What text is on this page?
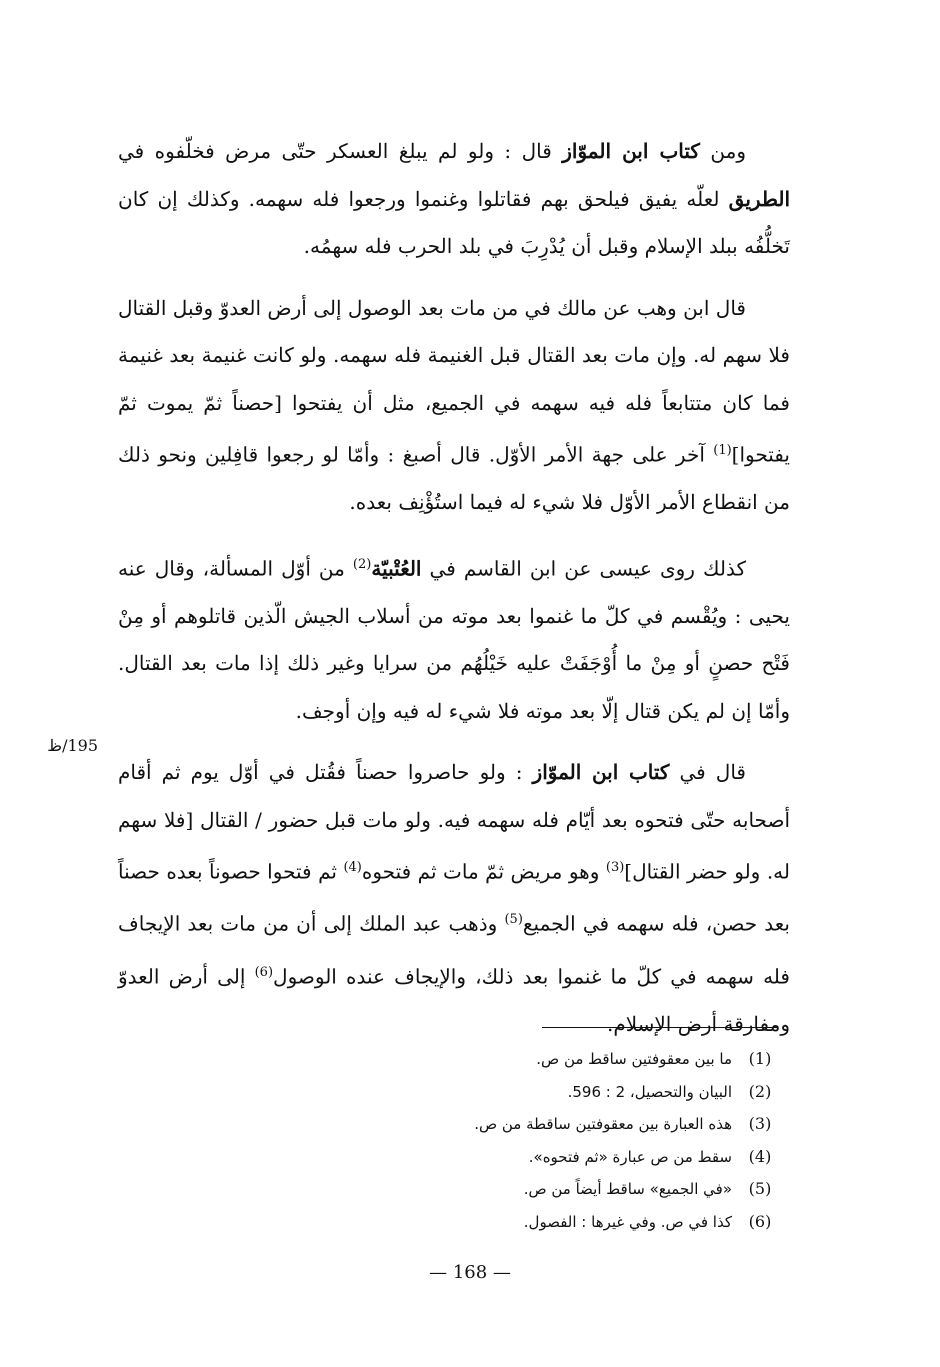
ومن كتاب ابن الموّاز قال : ولو لم يبلغ العسكر حتّى مرض فخلّفوه في الطريق لعلّه يفيق فيلحق بهم فقاتلوا وغنموا ورجعوا فله سهمه. وكذلك إن كان تَخلُّفُه ببلد الإسلام وقبل أن يُدْرِبَ في بلد الحرب فله سهمُه.

قال ابن وهب عن مالك في من مات بعد الوصول إلى أرض العدوّ وقبل القتال فلا سهم له. وإن مات بعد القتال قبل الغنيمة فله سهمه. ولو كانت غنيمة بعد غنيمة فما كان متتابعاً فله فيه سهمه في الجميع، مثل أن يفتحوا [حصناً ثمّ يموت ثمّ يفتحوا]$^{(1)}$ آخر على جهة الأمر الأوّل. قال أصبغ : وأمّا لو رجعوا قافِلين ونحو ذلك من انقطاع الأمر الأوّل فلا شيء له فيما استُؤْنِف بعده.

كذلك روى عيسى عن ابن القاسم في العُتْبيّة$^{(2)}$ من أوّل المسألة، وقال عنه يحيى : ويُقْسم في كلّ ما غنموا بعد موته من أسلاب الجيش الّذين قاتلوهم أو مِنْ فَتْح حصنٍ أو مِنْ ما أُوْجَفَتْ عليه خَيْلُهُم من سرايا وغير ذلك إذا مات بعد القتال. وأمّا إن لم يكن قتال إلّا بعد موته فلا شيء له فيه وإن أوجف.

قال في كتاب ابن الموّاز : ولو حاصروا حصناً فقُتل في أوّل يوم ثم أقام أصحابه حتّى فتحوه بعد أيّام فله سهمه فيه. ولو مات قبل حضور / القتال [فلا سهم له. ولو حضر القتال]$^{(3)}$ وهو مريض ثمّ مات ثم فتحوه$^{(4)}$ ثم فتحوا حصوناً بعده حصناً بعد حصن، فله سهمه في الجميع$^{(5)}$ وذهب عبد الملك إلى أن من مات بعد الإيجاف فله سهمه في كلّ ما غنموا بعد ذلك، والإيجاف عنده الوصول$^{(6)}$ إلى أرض العدوّ ومفارقة أرض الإسلام.

195/ظ
(1)
ما بين معقوفتين ساقط من ص.
(2)
البيان والتحصيل، 2 : 596.
(3)
هذه العبارة بين معقوفتين ساقطة من ص.
(4)
سقط من ص عبارة «ثم فتحوه».
(5)
«في الجميع» ساقط أيضاً من ص.
(6)
كذا في ص. وفي غيرها : الفصول.
— 168 —
